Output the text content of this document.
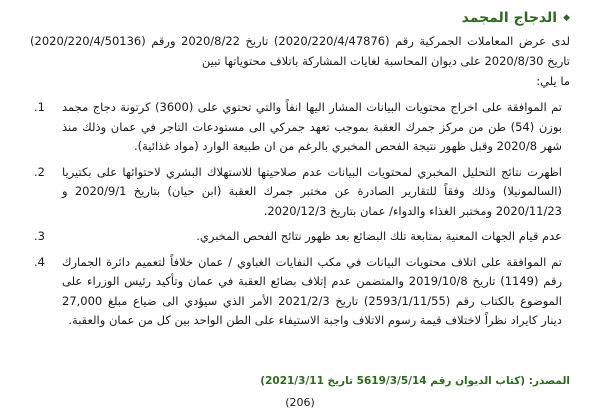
◆
الدجاج المجمد
لدى عرض المعاملات الجمركية رقم (2020/220/4/47876) تاريخ 2020/8/22 ورقم (2020/220/4/50136) تاريخ 2020/8/30 على ديوان المحاسبة لغايات المشاركة باتلاف محتوياتها تبين
ما يلي:
تم الموافقة على اخراج محتويات البيانات المشار اليها انفاً والتي تحتوي على (3600) كرتونة دجاج مجمد بوزن (54) طن من مركز جمرك العقبة بموجب تعهد جمركي الى مستودعات التاجر في عمان وذلك منذ شهر 2020/8 وقبل ظهور نتيجة الفحص المخبري بالرغم من ان طبيعة الوارد (مواد غذائية).
.1
اظهرت نتائج التحليل المخبري لمحتويات البيانات عدم صلاحيتها للاستهلاك البشري لاحتوائها على بكتيريا (السالمونيلا) وذلك وفقاً للتقارير الصادرة عن مختبر جمرك العقبة (ابن حيان) بتاريخ 2020/9/1 و 2020/11/23 ومختبر الغذاء والدواء/ عمان بتاريخ 2020/12/3.
.2
عدم قيام الجهات المعنية بمتابعة تلك البضائع بعد ظهور نتائج الفحص المخبري.
.3
تم الموافقة على اتلاف محتويات البيانات في مكب النفايات الغباوي / عمان خلافاً لتعميم دائرة الجمارك رقم (1149) تاريخ 2019/10/8 والمتضمن عدم إتلاف بضائع العقبة في عمان وتأكيد رئيس الوزراء على الموضوع بالكتاب رقم (2593/1/11/55) تاريخ 2021/2/3 الأمر الذي سيؤدي الى ضياع مبلغ 27,000 دينار كايراد نظراً لاختلاف قيمة رسوم الاتلاف واجبة الاستيفاء على الطن الواحد بين كل من عمان والعقبة.
.4
المصدر: (كتاب الديوان رقم 5619/3/5/14 تاريخ 2021/3/11)
(206)
